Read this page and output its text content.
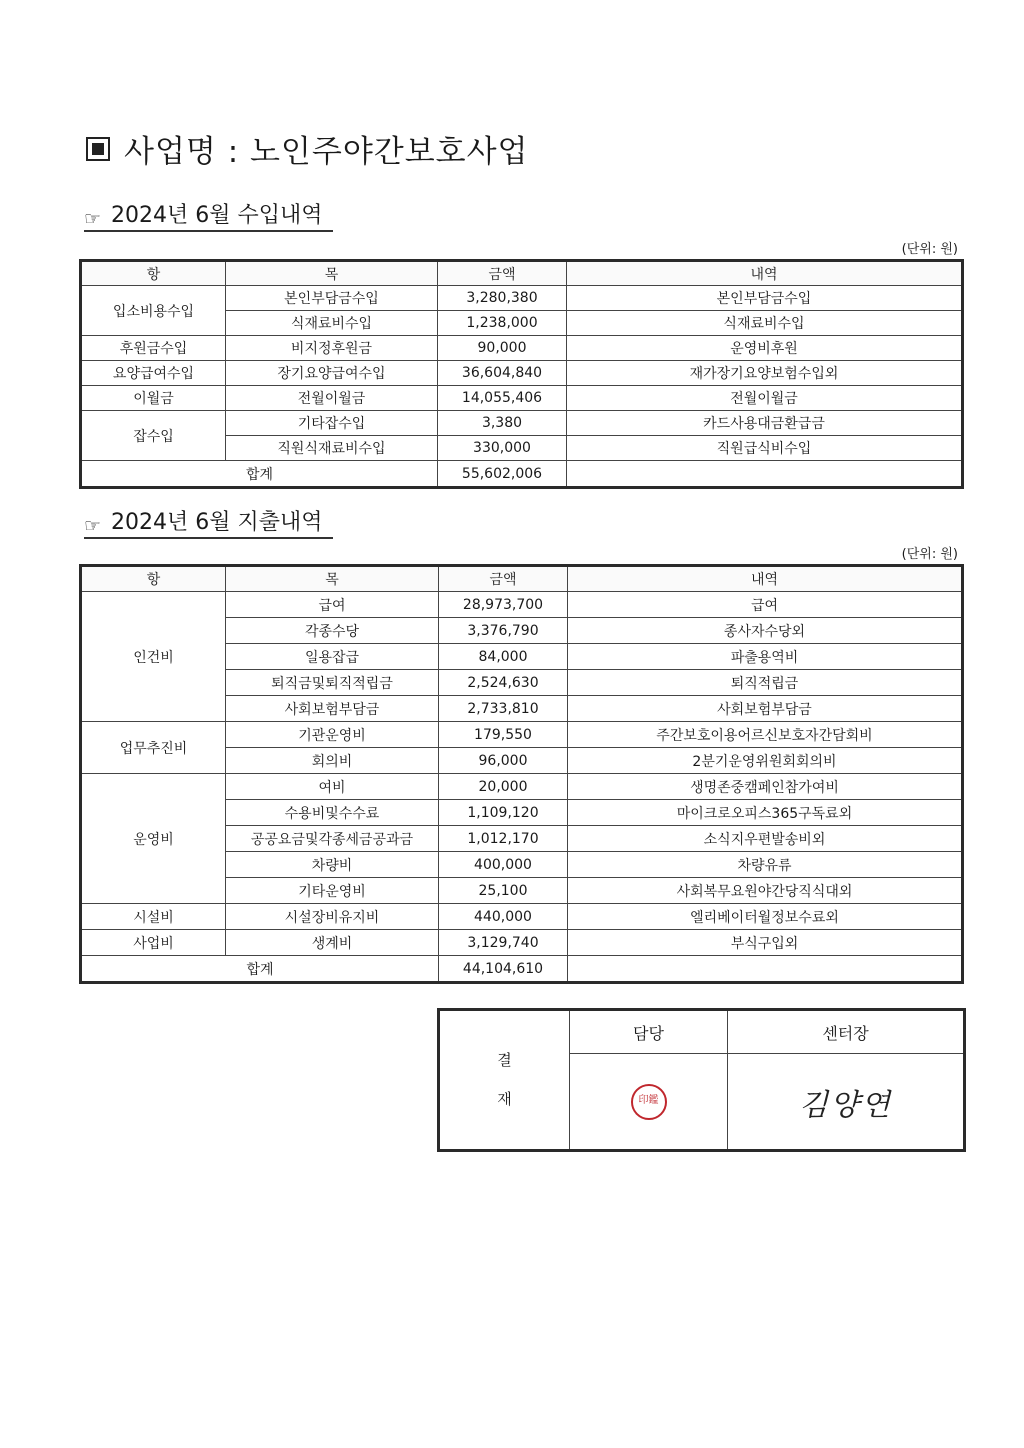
사업명 : 노인주야간보호사업
☞ 2024년 6월 수입내역
(단위: 원)
항	목	금액	내역
입소비용수입	본인부담금수입	3,280,380	본인부담금수입
	식재료비수입	1,238,000	식재료비수입
후원금수입	비지정후원금	90,000	운영비후원
요양급여수입	장기요양급여수입	36,604,840	재가장기요양보험수입외
이월금	전월이월금	14,055,406	전월이월금
잡수입	기타잡수입	3,380	카드사용대금환급금
	직원식재료비수입	330,000	직원급식비수입
합계		55,602,006	
☞ 2024년 6월 지출내역
(단위: 원)
항	목	금액	내역
인건비	급여	28,973,700	급여
	각종수당	3,376,790	종사자수당외
	일용잡급	84,000	파출용역비
	퇴직금및퇴직적립금	2,524,630	퇴직적립금
	사회보험부담금	2,733,810	사회보험부담금
업무추진비	기관운영비	179,550	주간보호이용어르신보호자간담회비
	회의비	96,000	2분기운영위원회회의비
운영비	여비	20,000	생명존중캠페인참가여비
	수용비및수수료	1,109,120	마이크로오피스365구독료외
	공공요금및각종세금공과금	1,012,170	소식지우편발송비외
	차량비	400,000	차량유류
	기타운영비	25,100	사회복무요원야간당직식대외
시설비	시설장비유지비	440,000	엘리베이터월정보수료외
사업비	생계비	3,129,740	부식구입외
합계		44,104,610	
결
재	담당	센터장

	印鑑	김양연
